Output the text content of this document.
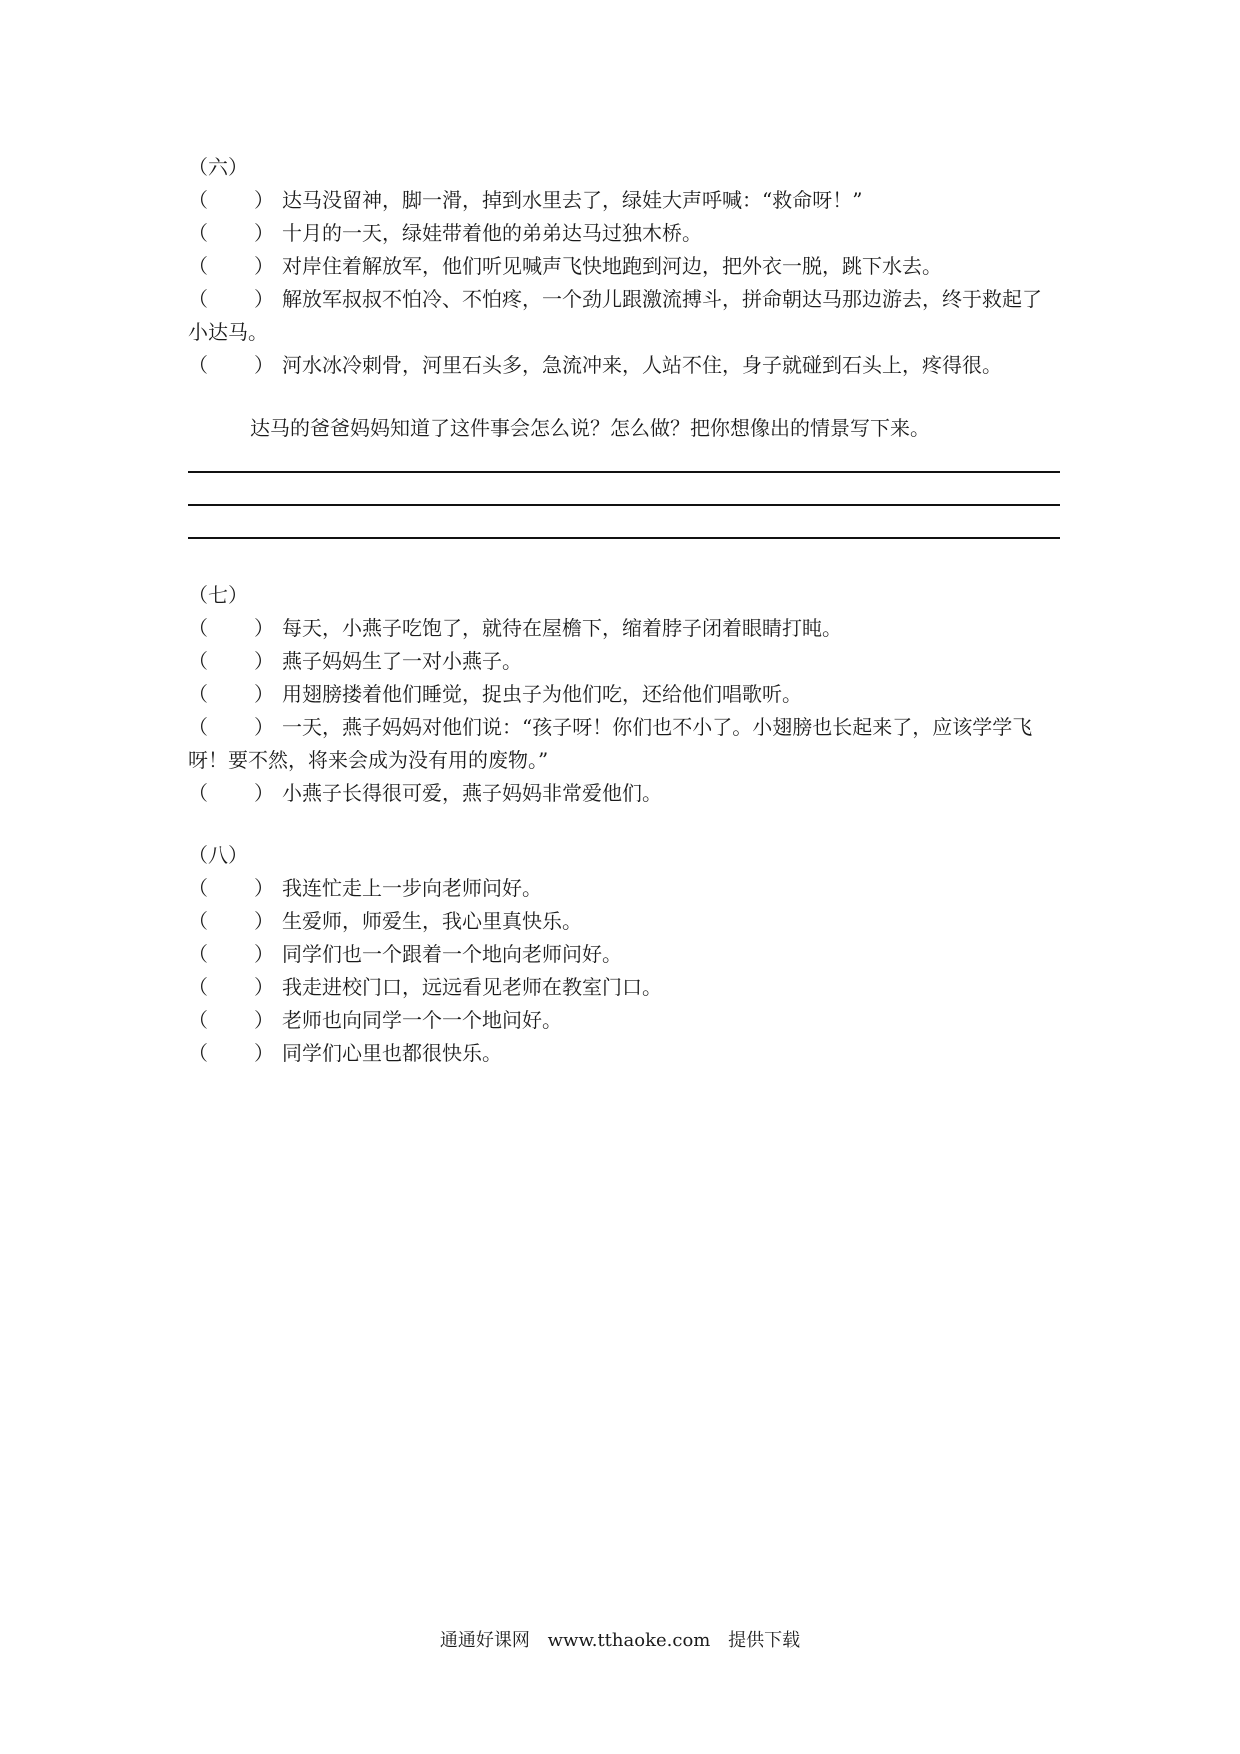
（六）
（ ） 达马没留神，脚一滑，掉到水里去了，绿娃大声呼喊：“救命呀！”
（ ） 十月的一天，绿娃带着他的弟弟达马过独木桥。
（ ） 对岸住着解放军，他们听见喊声飞快地跑到河边，把外衣一脱，跳下水去。
（ ） 解放军叔叔不怕冷、不怕疼，一个劲儿跟激流搏斗，拼命朝达马那边游去，终于救起了小达马。
（ ） 河水冰冷刺骨，河里石头多，急流冲来，人站不住，身子就碰到石头上，疼得很。
达马的爸爸妈妈知道了这件事会怎么说？怎么做？把你想像出的情景写下来。
（七）
（ ） 每天，小燕子吃饱了，就待在屋檐下，缩着脖子闭着眼睛打盹。
（ ） 燕子妈妈生了一对小燕子。
（ ） 用翅膀搂着他们睡觉，捉虫子为他们吃，还给他们唱歌听。
（ ） 一天，燕子妈妈对他们说：“孩子呀！你们也不小了。小翅膀也长起来了，应该学学飞呀！要不然，将来会成为没有用的废物。”
（ ） 小燕子长得很可爱，燕子妈妈非常爱他们。
（八）
（ ） 我连忙走上一步向老师问好。
（ ） 生爱师，师爱生，我心里真快乐。
（ ） 同学们也一个跟着一个地向老师问好。
（ ） 我走进校门口，远远看见老师在教室门口。
（ ） 老师也向同学一个一个地问好。
（ ） 同学们心里也都很快乐。
通通好课网 www.tthaoke.com 提供下载
